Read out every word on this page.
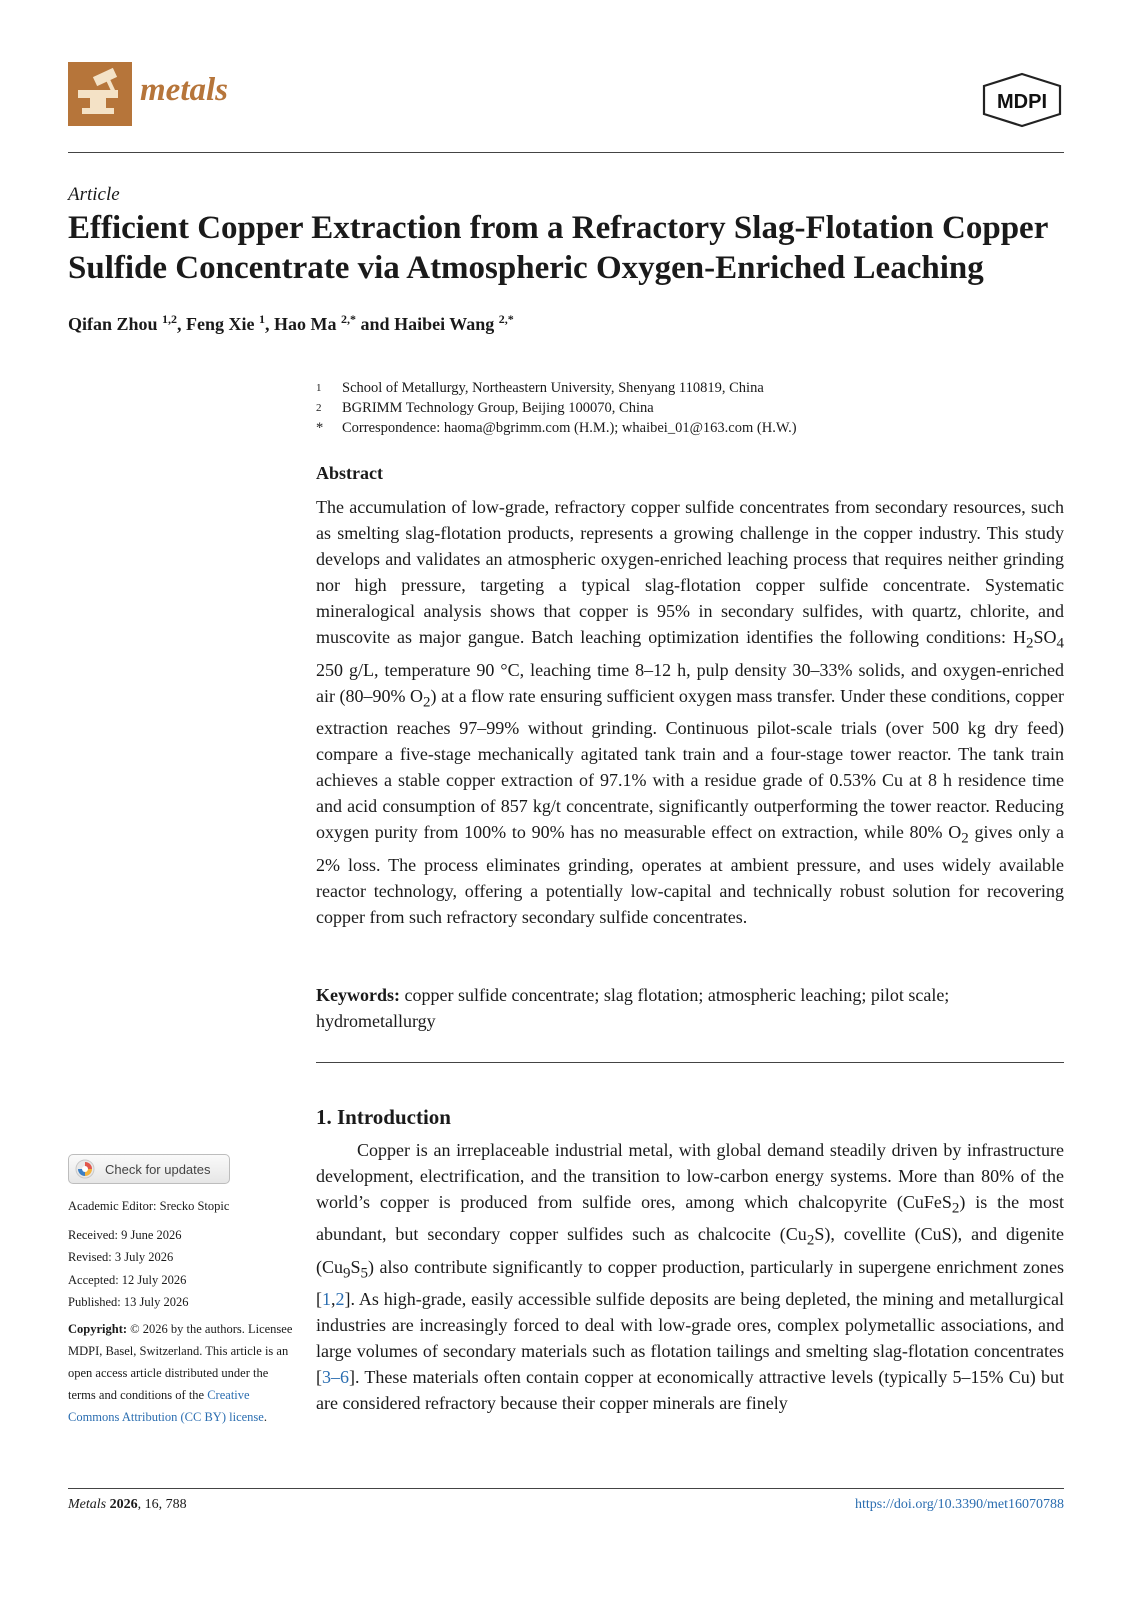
metals	MDPI
Article
Efficient Copper Extraction from a Refractory Slag-Flotation Copper Sulfide Concentrate via Atmospheric Oxygen-Enriched Leaching
Qifan Zhou $^{1,2}$, Feng Xie $^1$, Hao Ma $^{2,*}$ and Haibei Wang $^{2,*}$
1	School of Metallurgy, Northeastern University, Shenyang 110819, China
2	BGRIMM Technology Group, Beijing 100070, China
*	Correspondence: haoma@bgrimm.com (H.M.); whaibei_01@163.com (H.W.)
Abstract

The accumulation of low-grade, refractory copper sulfide concentrates from secondary resources, such as smelting slag-flotation products, represents a growing challenge in the copper industry. This study develops and validates an atmospheric oxygen-enriched leaching process that requires neither grinding nor high pressure, targeting a typical slag-flotation copper sulfide concentrate. Systematic mineralogical analysis shows that copper is 95% in secondary sulfides, with quartz, chlorite, and muscovite as major gangue. Batch leaching optimization identifies the following conditions: $H_2SO_4$ 250 g/L, temperature 90 °C, leaching time 8–12 h, pulp density 30–33% solids, and oxygen-enriched air (80–90% $O_2$) at a flow rate ensuring sufficient oxygen mass transfer. Under these conditions, copper extraction reaches 97–99% without grinding. Continuous pilot-scale trials (over 500 kg dry feed) compare a five-stage mechanically agitated tank train and a four-stage tower reactor. The tank train achieves a stable copper extraction of 97.1% with a residue grade of 0.53% Cu at 8 h residence time and acid consumption of 857 kg/t concentrate, significantly outperforming the tower reactor. Reducing oxygen purity from 100% to 90% has no measurable effect on extraction, while 80% $O_2$ gives only a 2% loss. The process eliminates grinding, operates at ambient pressure, and uses widely available reactor technology, offering a potentially low-capital and technically robust solution for recovering copper from such refractory secondary sulfide concentrates.

Keywords: copper sulfide concentrate; slag flotation; atmospheric leaching; pilot scale; hydrometallurgy

1. Introduction

Copper is an irreplaceable industrial metal, with global demand steadily driven by infrastructure development, electrification, and the transition to low-carbon energy systems. More than 80% of the world’s copper is produced from sulfide ores, among which chalcopyrite (CuFeS$_2$) is the most abundant, but secondary copper sulfides such as chalcocite $(Cu_2S)$, covellite (CuS), and digenite $(Cu_9S_5)$ also contribute significantly to copper production, particularly in supergene enrichment zones [1,2]. As high-grade, easily accessible sulfide deposits are being depleted, the mining and metallurgical industries are increasingly forced to deal with low-grade ores, complex polymetallic associations, and large volumes of secondary materials such as flotation tailings and smelting slag-flotation concentrates [3–6]. These materials often contain copper at economically attractive levels (typically 5–15% Cu) but are considered refractory because their copper minerals are finely

Check for updates
Academic Editor: Srecko Stopic
Received: 9 June 2026
Revised: 3 July 2026
Accepted: 12 July 2026
Published: 13 July 2026
Copyright: © 2026 by the authors. Licensee MDPI, Basel, Switzerland. This article is an open access article distributed under the terms and conditions of the Creative Commons Attribution (CC BY) license.
Metals 2026, 16, 788	https://doi.org/10.3390/met16070788
